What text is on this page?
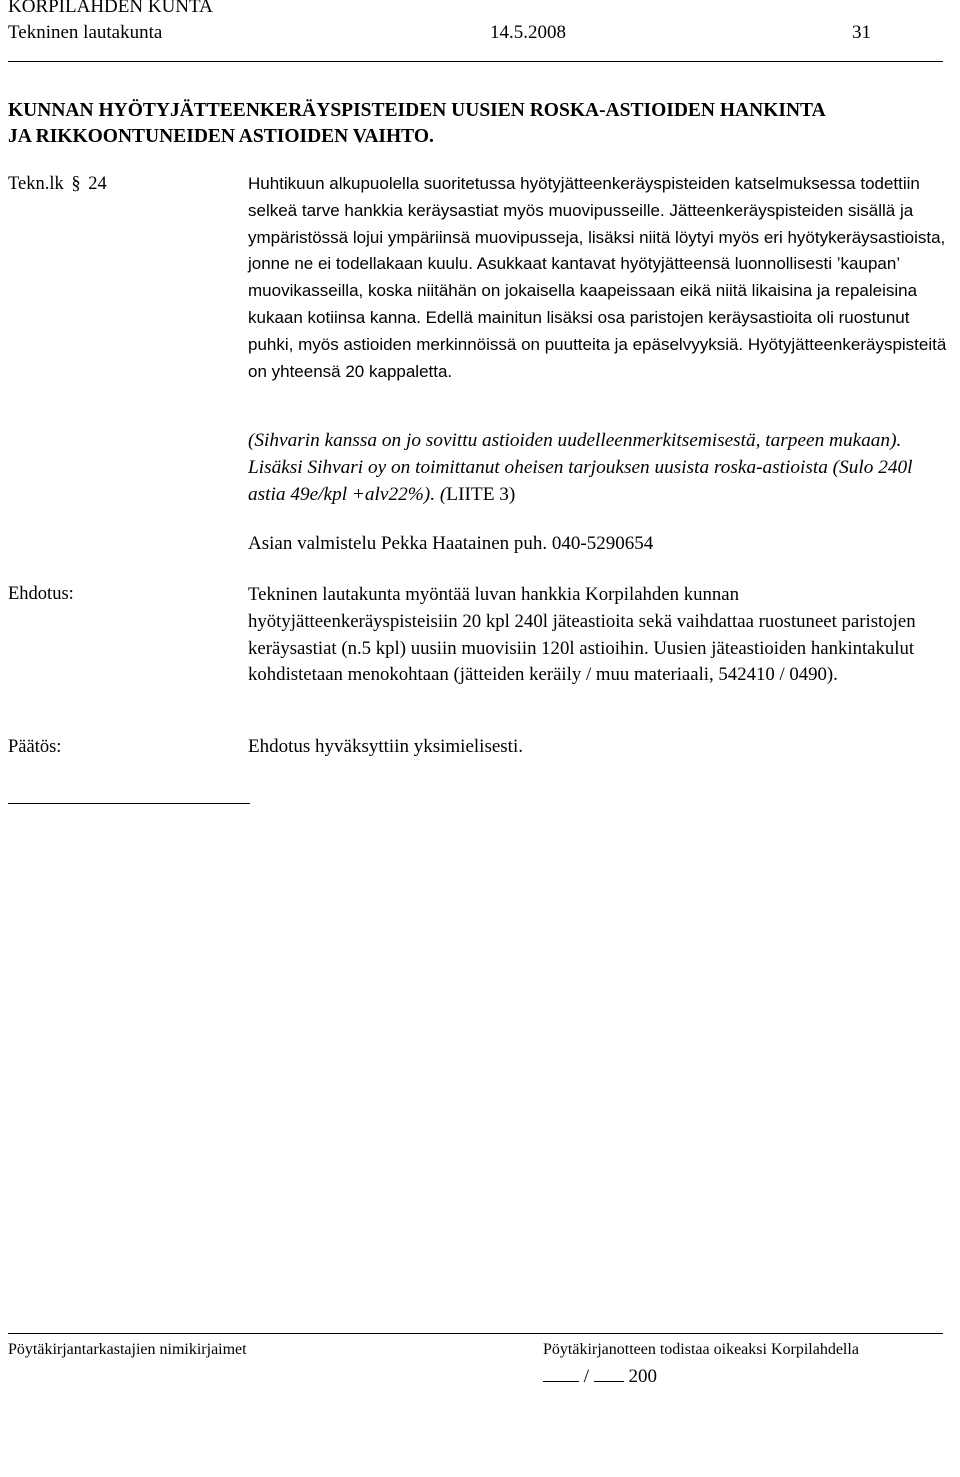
KORPILAHDEN KUNTA
Tekninen lautakunta	14.5.2008	31
KUNNAN HYÖTYJÄTTEENKERÄYSPISTEIDEN UUSIEN ROSKA-ASTIOIDEN HANKINTA
JA RIKKOONTUNEIDEN ASTIOIDEN VAIHTO.
Tekn.lk § 24	Huhtikuun alkupuolella suoritetussa hyötyjätteenkeräyspisteiden katselmuksessa todettiin selkeä tarve hankkia keräysastiat myös muovipusseille. Jätteenkeräyspisteiden sisällä ja ympäristössä lojui ympäriinsä muovipusseja, lisäksi niitä löytyi myös eri hyötykeräysastioista, jonne ne ei todellakaan kuulu. Asukkaat kantavat hyötyjätteensä luonnollisesti ’kaupan’ muovikasseilla, koska niitähän on jokaisella kaapeissaan eikä niitä likaisina ja repaleisina kukaan kotiinsa kanna. Edellä mainitun lisäksi osa paristojen keräysastioita oli ruostunut puhki, myös astioiden merkinnöissä on puutteita ja epäselvyyksiä. Hyötyjätteenkeräyspisteitä on yhteensä 20 kappaletta.

(Sihvarin kanssa on jo sovittu astioiden uudelleenmerkitsemisestä, tarpeen mukaan). Lisäksi Sihvari oy on toimittanut oheisen tarjouksen uusista roska-astioista (Sulo 240l astia 49e/kpl +alv22%). (LIITE 3)

Asian valmistelu Pekka Haatainen puh. 040-5290654
Ehdotus:	Tekninen lautakunta myöntää luvan hankkia Korpilahden kunnan hyötyjätteenkeräyspisteisiin 20 kpl 240l jäteastioita sekä vaihdattaa ruostuneet paristojen keräysastiat (n.5 kpl) uusiin muovisiin 120l astioihin. Uusien jäteastioiden hankintakulut kohdistetaan menokohtaan (jätteiden keräily / muu materiaali, 542410 / 0490).

Päätös:	Ehdotus hyväksyttiin yksimielisesti.
Pöytäkirjantarkastajien nimikirjaimet	Pöytäkirjanotteen todistaa oikeaksi Korpilahdella
/ 200
